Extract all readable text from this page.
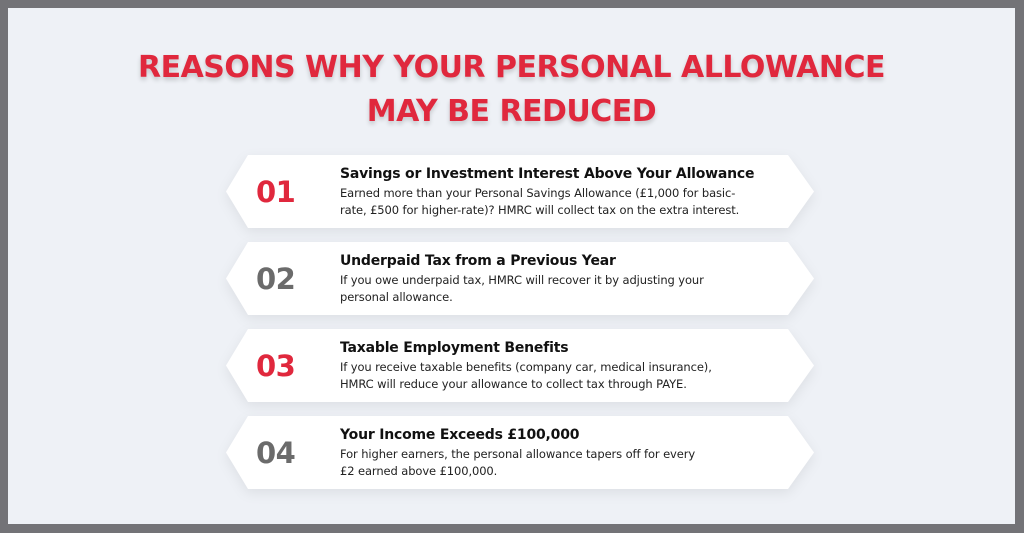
REASONS WHY YOUR PERSONAL ALLOWANCE
MAY BE REDUCED
01
Savings or Investment Interest Above Your Allowance
Earned more than your Personal Savings Allowance (£1,000 for basic-
rate, £500 for higher-rate)? HMRC will collect tax on the extra interest.
02
Underpaid Tax from a Previous Year
If you owe underpaid tax, HMRC will recover it by adjusting your
personal allowance.
03
Taxable Employment Benefits
If you receive taxable benefits (company car, medical insurance),
HMRC will reduce your allowance to collect tax through PAYE.
04
Your Income Exceeds £100,000
For higher earners, the personal allowance tapers off for every
£2 earned above £100,000.
